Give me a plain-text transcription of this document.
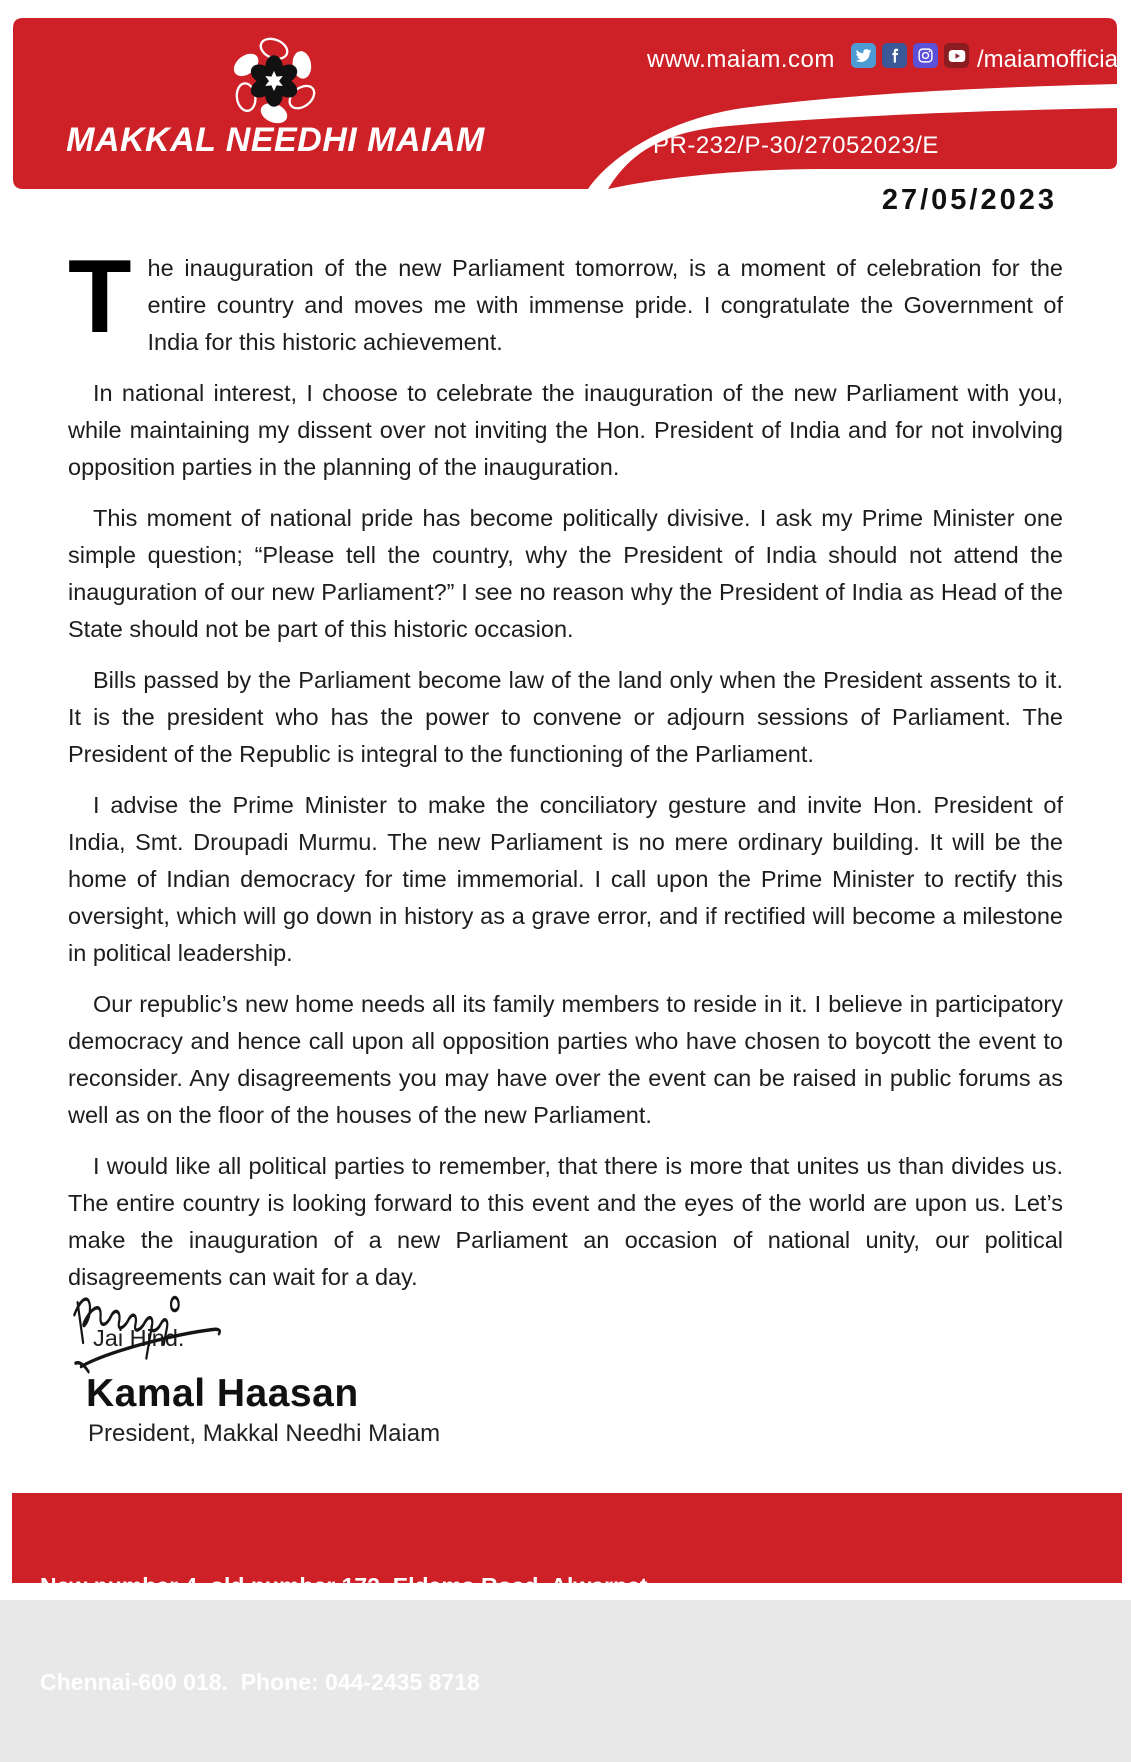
MAKKAL NEEDHI MAIAM
www.maiam.com	/maiamofficial
PR-232/P-30/27052023/E
27/05/2023

The inauguration of the new Parliament tomorrow, is a moment of celebration for the entire country and moves me with immense pride. I congratulate the Government of India for this historic achievement.

In national interest, I choose to celebrate the inauguration of the new Parliament with you, while maintaining my dissent over not inviting the Hon. President of India and for not involving opposition parties in the planning of the inauguration.

This moment of national pride has become politically divisive. I ask my Prime Minister one simple question; “Please tell the country, why the President of India should not attend the inauguration of our new Parliament?” I see no reason why the President of India as Head of the State should not be part of this historic occasion.

Bills passed by the Parliament become law of the land only when the President assents to it. It is the president who has the power to convene or adjourn sessions of Parliament. The President of the Republic is integral to the functioning of the Parliament.

I advise the Prime Minister to make the conciliatory gesture and invite Hon. President of India, Smt. Droupadi Murmu. The new Parliament is no mere ordinary building. It will be the home of Indian democracy for time immemorial. I call upon the Prime Minister to rectify this oversight, which will go down in history as a grave error, and if rectified will become a milestone in political leadership.

Our republic’s new home needs all its family members to reside in it. I believe in participatory democracy and hence call upon all opposition parties who have chosen to boycott the event to reconsider. Any disagreements you may have over the event can be raised in public forums as well as on the floor of the houses of the new Parliament.

I would like all political parties to remember, that there is more that unites us than divides us. The entire country is looking forward to this event and the eyes of the world are upon us. Let’s make the inauguration of a new Parliament an occasion of national unity, our political disagreements can wait for a day.

Jai Hind.

Kamal Haasan
President, Makkal Needhi Maiam

New number 4, old number 172, Eldams Road, Alwarpet,

Chennai-600 018.  Phone: 044-2435 8718
